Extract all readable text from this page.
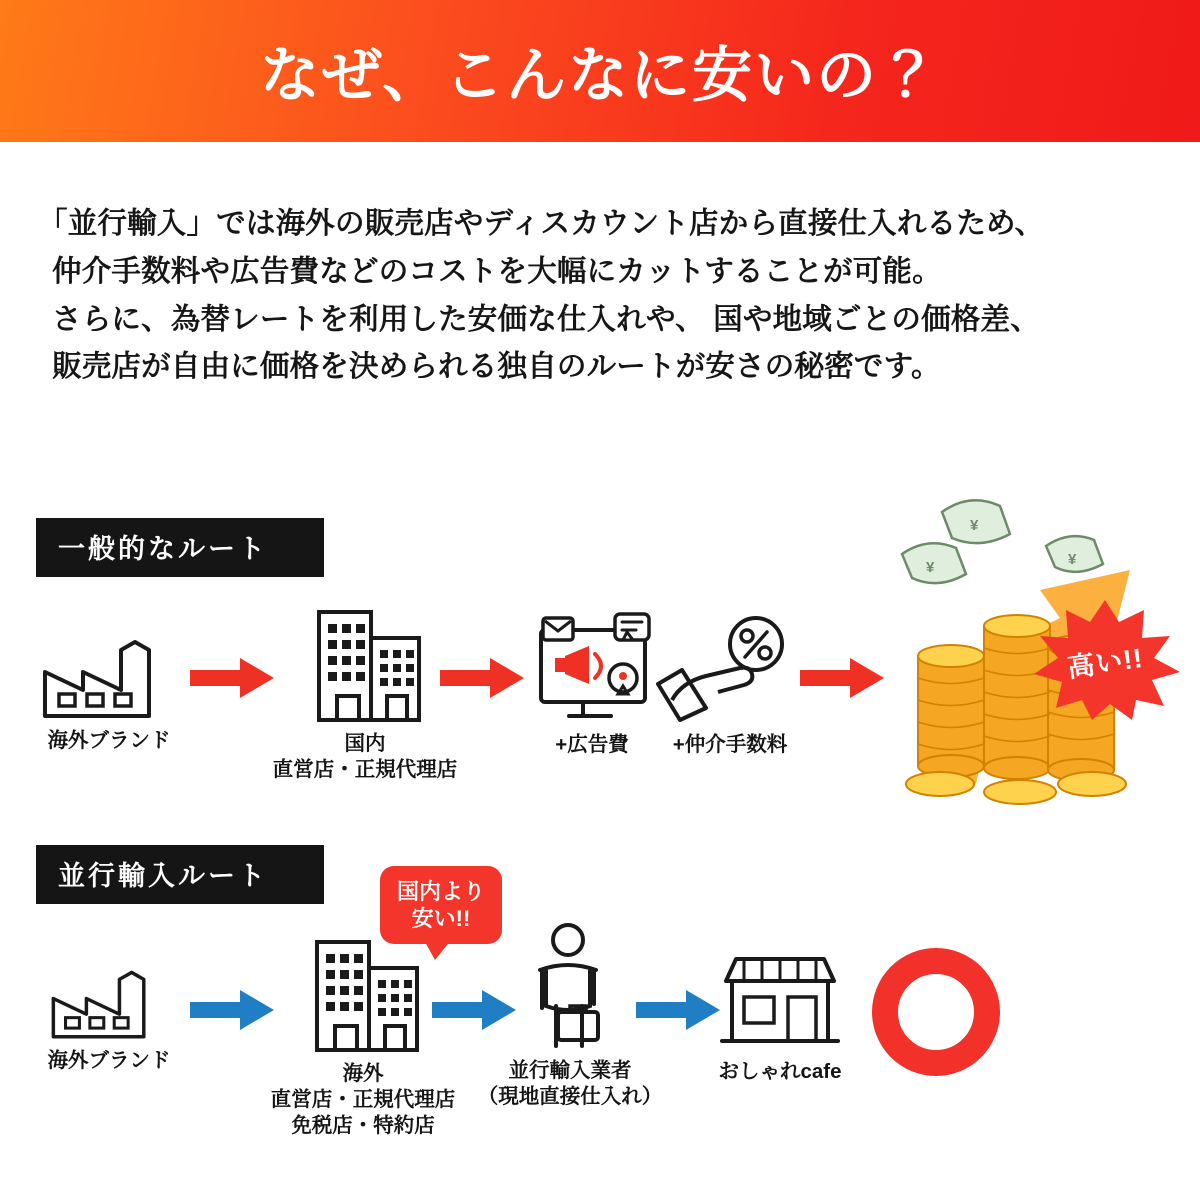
なぜ、こんなに安いの？
「並行輸入」では海外の販売店やディスカウント店から直接仕入れるため、
仲介手数料や広告費などのコストを大幅にカットすることが可能。
さらに、為替レートを利用した安価な仕入れや、 国や地域ごとの価格差、
販売店が自由に価格を決められる独自のルートが安さの秘密です。
一般的なルート
海外ブランド	国内
直営店・正規代理店
+広告費	+仲介手数料
¥
¥	¥
高い!!
並行輸入ルート
海外ブランド
国内より
安い!!
海外
直営店・正規代理店
免税店・特約店
並行輸入業者
（現地直接仕入れ）
おしゃれcafe
